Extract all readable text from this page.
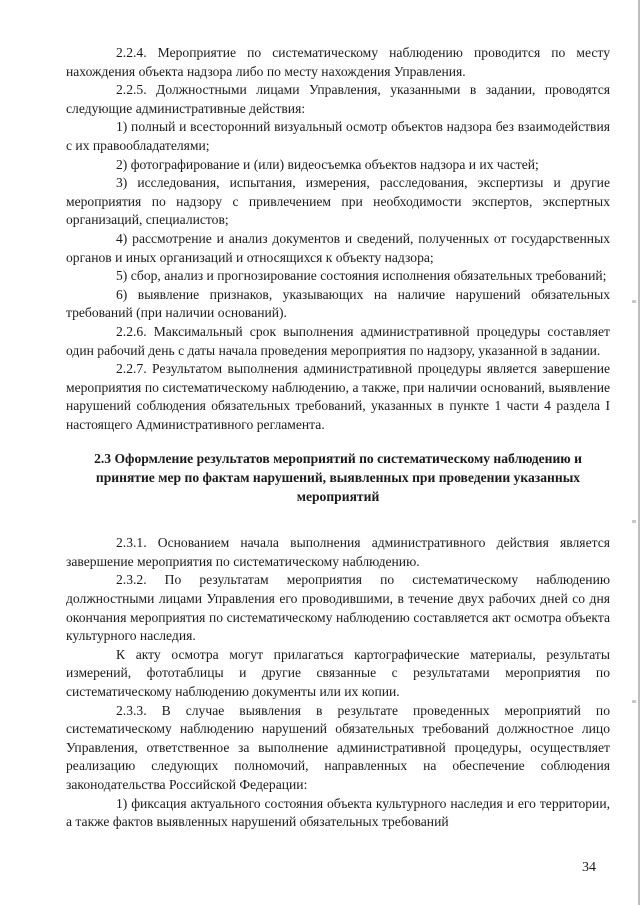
2.2.4. Мероприятие по систематическому наблюдению проводится по месту нахождения объекта надзора либо по месту нахождения Управления.

2.2.5. Должностными лицами Управления, указанными в задании, проводятся следующие административные действия:

1) полный и всесторонний визуальный осмотр объектов надзора без взаимодействия с их правообладателями;

2) фотографирование и (или) видеосъемка объектов надзора и их частей;

3) исследования, испытания, измерения, расследования, экспертизы и другие мероприятия по надзору с привлечением при необходимости экспертов, экспертных организаций, специалистов;

4) рассмотрение и анализ документов и сведений, полученных от государственных органов и иных организаций и относящихся к объекту надзора;

5) сбор, анализ и прогнозирование состояния исполнения обязательных требований;

6) выявление признаков, указывающих на наличие нарушений обязательных требований (при наличии оснований).

2.2.6. Максимальный срок выполнения административной процедуры составляет один рабочий день с даты начала проведения мероприятия по надзору, указанной в задании.

2.2.7. Результатом выполнения административной процедуры является завершение мероприятия по систематическому наблюдению, а также, при наличии оснований, выявление нарушений соблюдения обязательных требований, указанных в пункте 1 части 4 раздела I настоящего Административного регламента.

2.3 Оформление результатов мероприятий по систематическому наблюдению и принятие мер по фактам нарушений, выявленных при проведении указанных мероприятий

2.3.1. Основанием начала выполнения административного действия является завершение мероприятия по систематическому наблюдению.

2.3.2. По результатам мероприятия по систематическому наблюдению должностными лицами Управления его проводившими, в течение двух рабочих дней со дня окончания мероприятия по систематическому наблюдению составляется акт осмотра объекта культурного наследия.

К акту осмотра могут прилагаться картографические материалы, результаты измерений, фототаблицы и другие связанные с результатами мероприятия по систематическому наблюдению документы или их копии.

2.3.3. В случае выявления в результате проведенных мероприятий по систематическому наблюдению нарушений обязательных требований должностное лицо Управления, ответственное за выполнение административной процедуры, осуществляет реализацию следующих полномочий, направленных на обеспечение соблюдения законодательства Российской Федерации:

1) фиксация актуального состояния объекта культурного наследия и его территории, а также фактов выявленных нарушений обязательных требований

34
